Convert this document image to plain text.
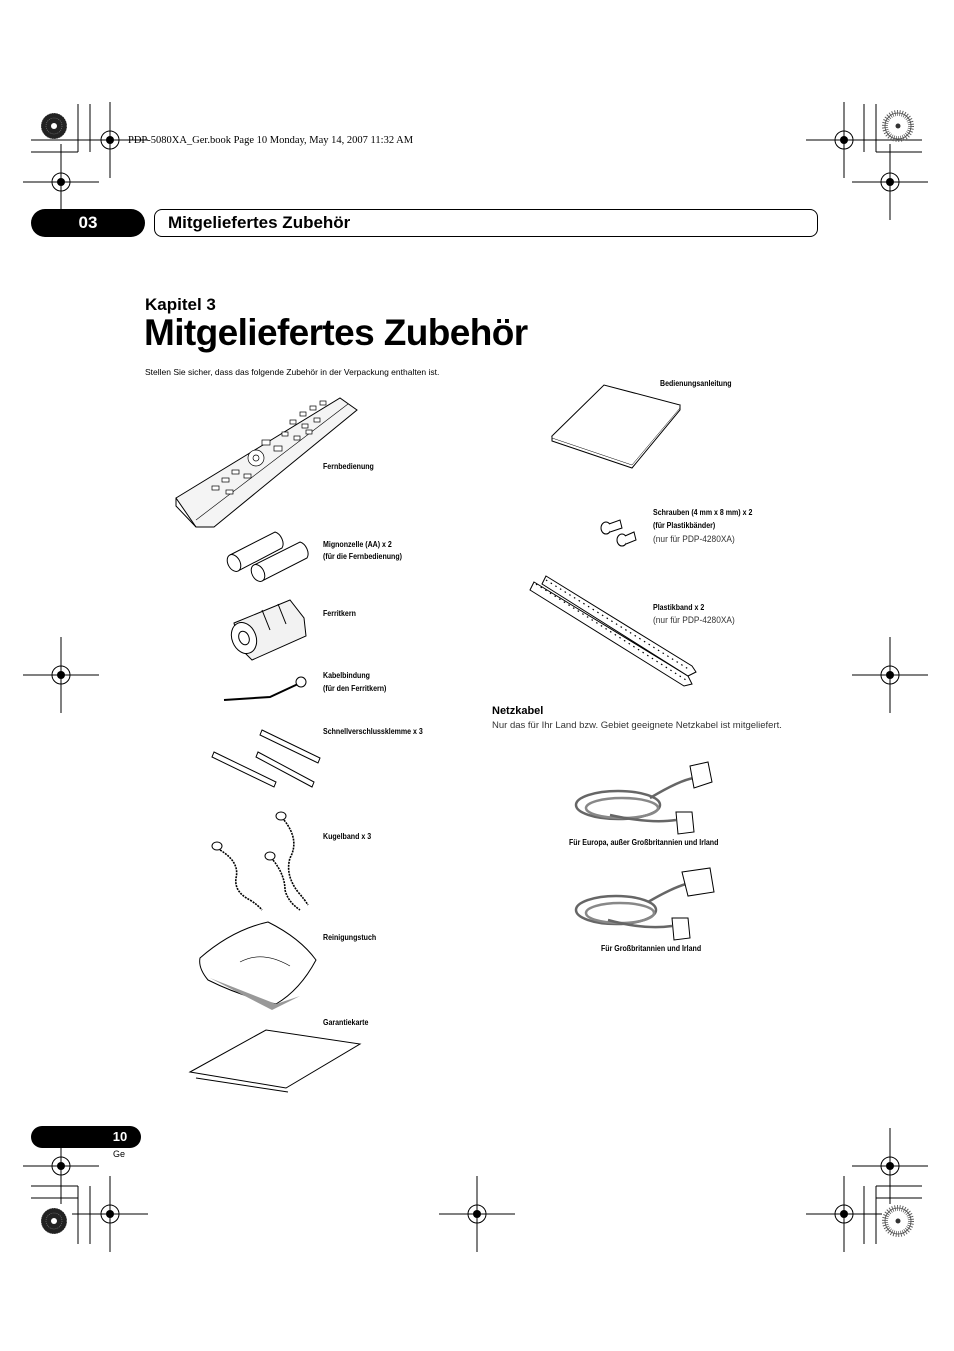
PDP-5080XA_Ger.book Page 10 Monday, May 14, 2007 11:32 AM
03	Mitgeliefertes Zubehör
Kapitel 3
Mitgeliefertes Zubehör
Stellen Sie sicher, dass das folgende Zubehör in der Verpackung enthalten ist.
Fernbedienung
Mignonzelle (AA) x 2
(für die Fernbedienung)
Ferritkern
Kabelbindung
(für den Ferritkern)
Schnellverschlussklemme x 3
Kugelband x 3
Reinigungstuch
Garantiekarte
Bedienungsanleitung
Schrauben (4 mm x 8 mm) x 2
(für Plastikbänder)
(nur für PDP-4280XA)
Plastikband x 2
(nur für PDP-4280XA)
Netzkabel
Nur das für Ihr Land bzw. Gebiet geeignete Netzkabel ist mitgeliefert.
Für Europa, außer Großbritannien und Irland
Für Großbritannien und Irland
10
Ge
